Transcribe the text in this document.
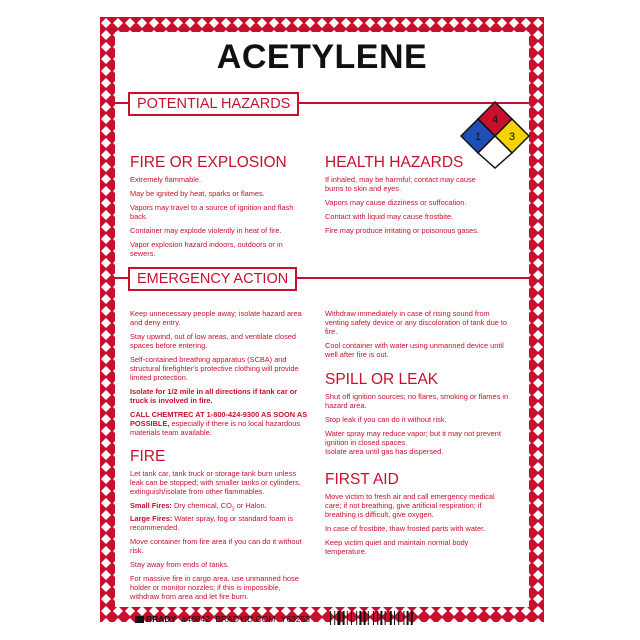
ACETYLENE
POTENTIAL HAZARDS
4
1	3
FIRE OR EXPLOSION

Extremely flammable.

May be ignited by heat, sparks or flames.

Vapors may travel to a source of ignition and flash back.

Container may explode violently in heat of fire.

Vapor explosion hazard indoors, outdoors or in sewers.

HEALTH HAZARDS

If inhaled, may be harmful; contact may cause burns to skin and eyes.

Vapors may cause dizziness or suffocation.

Contact with liquid may cause frostbite.

Fire may produce irritating or poisonous gases.

EMERGENCY ACTION

Keep unnecessary people away; isolate hazard area and deny entry.

Stay upwind, out of low areas, and ventilate closed spaces before entering.

Self-contained breathing apparatus (SCBA) and structural firefighter's protective clothing will provide limited protection.

Isolate for 1/2 mile in all directions if tank car or truck is involved in fire.

CALL CHEMTREC AT 1-800-424-9300 AS SOON AS POSSIBLE, especially if there is no local hazardous materials team available.

FIRE

Let tank car, tank truck or storage tank burn unless leak can be stopped; with smaller tanks or cylinders, extinguish/isolate from other flammables.

Small Fires: Dry chemical, $CO_2$ or Halon.

Large Fires: Water spray, fog or standard foam is recommended.

Move container from fire area if you can do it without risk.

Stay away from ends of tanks.

For massive fire in cargo area, use unmanned hose holder or monitor nozzles; if this is impossible, withdraw from area and let fire burn.

Withdraw immediately in case of rising sound from venting safety device or any discoloration of tank due to fire.

Cool container with water using unmanned device until well after fire is out.

SPILL OR LEAK

Shut off ignition sources; no flares, smoking or flames in hazard area.

Stop leak if you can do it without risk.

Water spray may reduce vapor; but it may not prevent ignition in closed spaces.

Isolate area until gas has dispersed.

FIRST AID

Move victim to fresh air and call emergency medical care; if not breathing, give artificial respiration; if breathing is difficult, give oxygen.

In case of frostbite, thaw frosted parts with water.

Keep victim quiet and maintain normal body temperature.

BRADY #48842 BRADYID.COM Y63253
